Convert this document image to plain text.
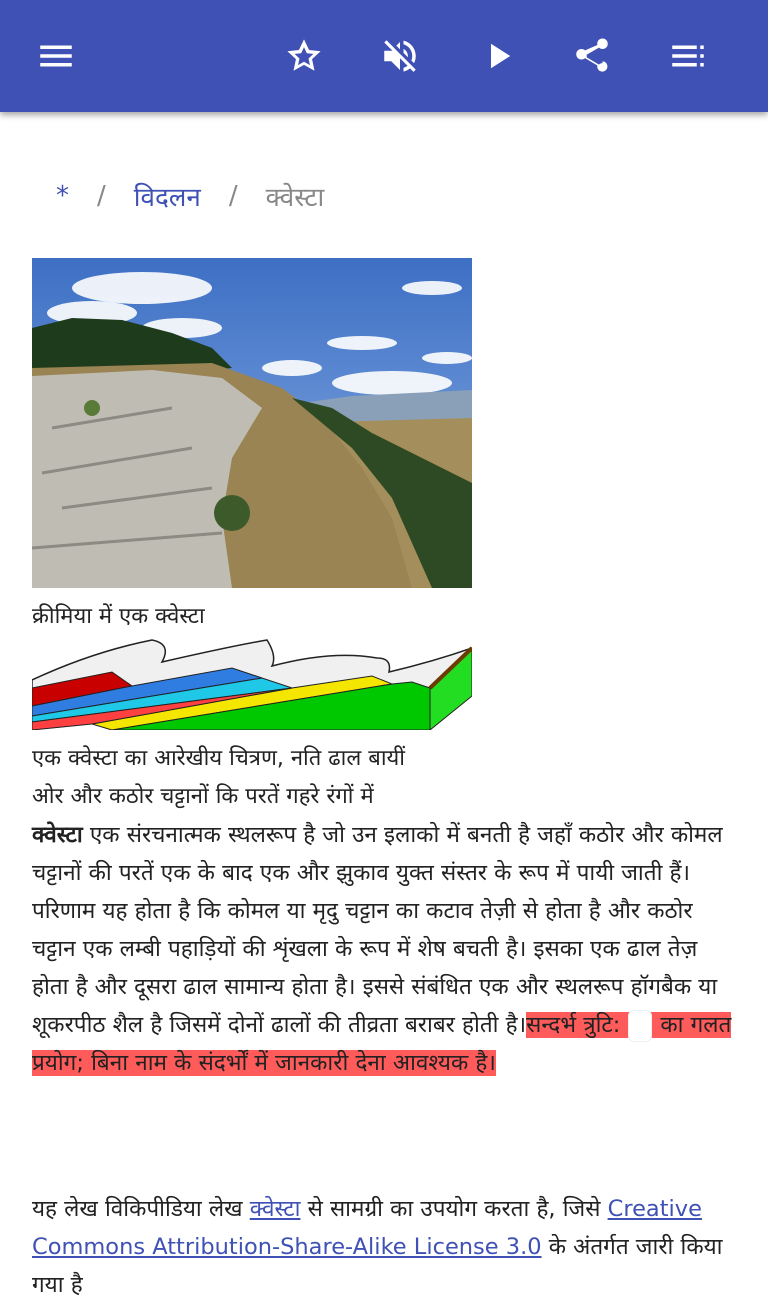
* / विदलन / क्वेस्टा
क्रीमिया में एक क्वेस्टा
एक क्वेस्टा का आरेखीय चित्रण, नति ढाल बायीं
ओर और कठोर चट्टानों कि परतें गहरे रंगों में
क्वेस्टा एक संरचनात्मक स्थलरूप है जो उन इलाको में बनती है जहाँ कठोर और कोमल चट्टानों की परतें एक के बाद एक और झुकाव युक्त संस्तर के रूप में पायी जाती हैं। परिणाम यह होता है कि कोमल या मृदु चट्टान का कटाव तेज़ी से होता है और कठोर चट्टान एक लम्बी पहाड़ियों की शृंखला के रूप में शेष बचती है। इसका एक ढाल तेज़ होता है और दूसरा ढाल सामान्य होता है। इससे संबंधित एक और स्थलरूप हॉगबैक या शूकरपीठ शैल है जिसमें दोनों ढालों की तीव्रता बराबर होती है।सन्दर्भ त्रुटि: का गलत प्रयोग; बिना नाम के संदर्भों में जानकारी देना आवश्यक है।
यह लेख विकिपीडिया लेख क्वेस्टा से सामग्री का उपयोग करता है, जिसे Creative Commons Attribution-Share-Alike License 3.0 के अंतर्गत जारी किया गया है
